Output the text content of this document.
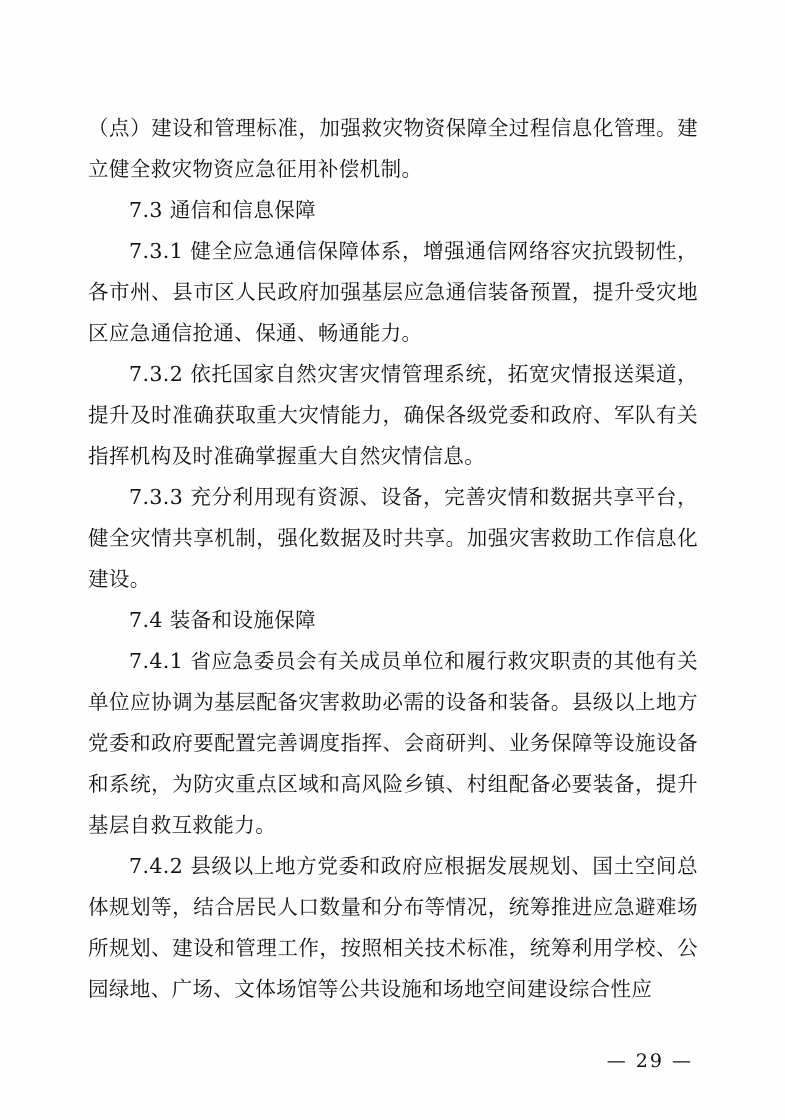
（点）建设和管理标准，加强救灾物资保障全过程信息化管理。建立健全救灾物资应急征用补偿机制。

7.3 通信和信息保障

7.3.1 健全应急通信保障体系，增强通信网络容灾抗毁韧性，各市州、县市区人民政府加强基层应急通信装备预置，提升受灾地区应急通信抢通、保通、畅通能力。

7.3.2 依托国家自然灾害灾情管理系统，拓宽灾情报送渠道，提升及时准确获取重大灾情能力，确保各级党委和政府、军队有关指挥机构及时准确掌握重大自然灾情信息。

7.3.3 充分利用现有资源、设备，完善灾情和数据共享平台，健全灾情共享机制，强化数据及时共享。加强灾害救助工作信息化建设。

7.4 装备和设施保障

7.4.1 省应急委员会有关成员单位和履行救灾职责的其他有关单位应协调为基层配备灾害救助必需的设备和装备。县级以上地方党委和政府要配置完善调度指挥、会商研判、业务保障等设施设备和系统，为防灾重点区域和高风险乡镇、村组配备必要装备，提升基层自救互救能力。

7.4.2 县级以上地方党委和政府应根据发展规划、国土空间总体规划等，结合居民人口数量和分布等情况，统筹推进应急避难场所规划、建设和管理工作，按照相关技术标准，统筹利用学校、公园绿地、广场、文体场馆等公共设施和场地空间建设综合性应

— 29 —
